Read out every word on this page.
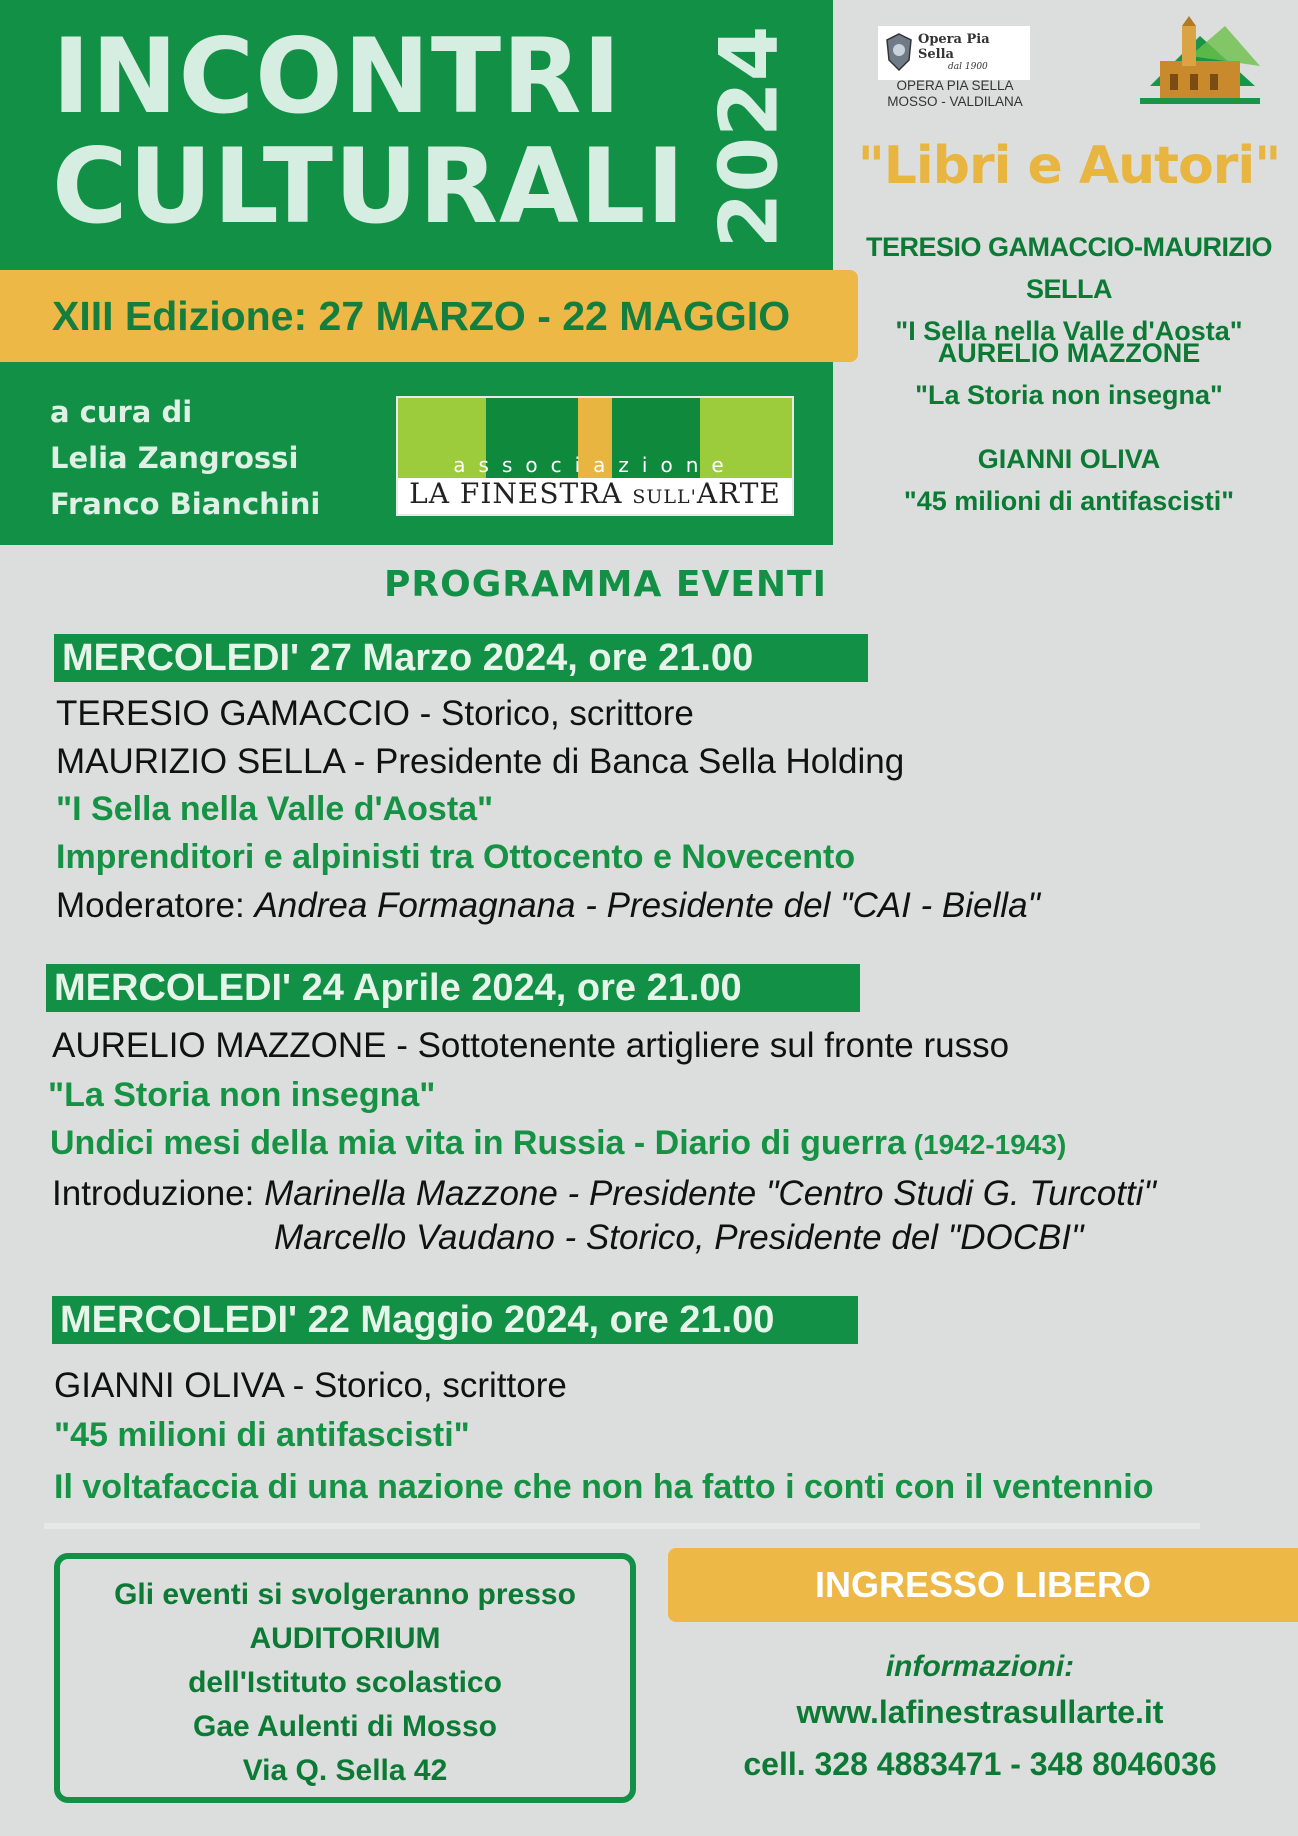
INCONTRI
CULTURALI 2024
XIII Edizione: 27 MARZO - 22 MAGGIO
a cura di
Lelia Zangrossi
Franco Bianchini
associazione
LA FINESTRA SULL'ARTE
Opera Pia Sella
dal 1900
OPERA PIA SELLA
MOSSO - VALDILANA
"Libri e Autori"
TERESIO GAMACCIO-MAURIZIO SELLA
"I Sella nella Valle d'Aosta"
AURELIO MAZZONE
"La Storia non insegna"
GIANNI OLIVA
"45 milioni di antifascisti"
PROGRAMMA EVENTI
MERCOLEDI' 27 Marzo 2024, ore 21.00
TERESIO GAMACCIO - Storico, scrittore
MAURIZIO SELLA - Presidente di Banca Sella Holding
"I Sella nella Valle d'Aosta"
Imprenditori e alpinisti tra Ottocento e Novecento
Moderatore: Andrea Formagnana - Presidente del "CAI - Biella"
MERCOLEDI' 24 Aprile 2024, ore 21.00
AURELIO MAZZONE - Sottotenente artigliere sul fronte russo
"La Storia non insegna"
Undici mesi della mia vita in Russia - Diario di guerra (1942-1943)
Introduzione: Marinella Mazzone - Presidente "Centro Studi G. Turcotti"
Marcello Vaudano - Storico, Presidente del "DOCBI"
MERCOLEDI' 22 Maggio 2024, ore 21.00
GIANNI OLIVA - Storico, scrittore
"45 milioni di antifascisti"
Il voltafaccia di una nazione che non ha fatto i conti con il ventennio
Gli eventi si svolgeranno presso
AUDITORIUM
dell'Istituto scolastico
Gae Aulenti di Mosso
Via Q. Sella 42
INGRESSO LIBERO
informazioni:
www.lafinestrasullarte.it
cell. 328 4883471 - 348 8046036
